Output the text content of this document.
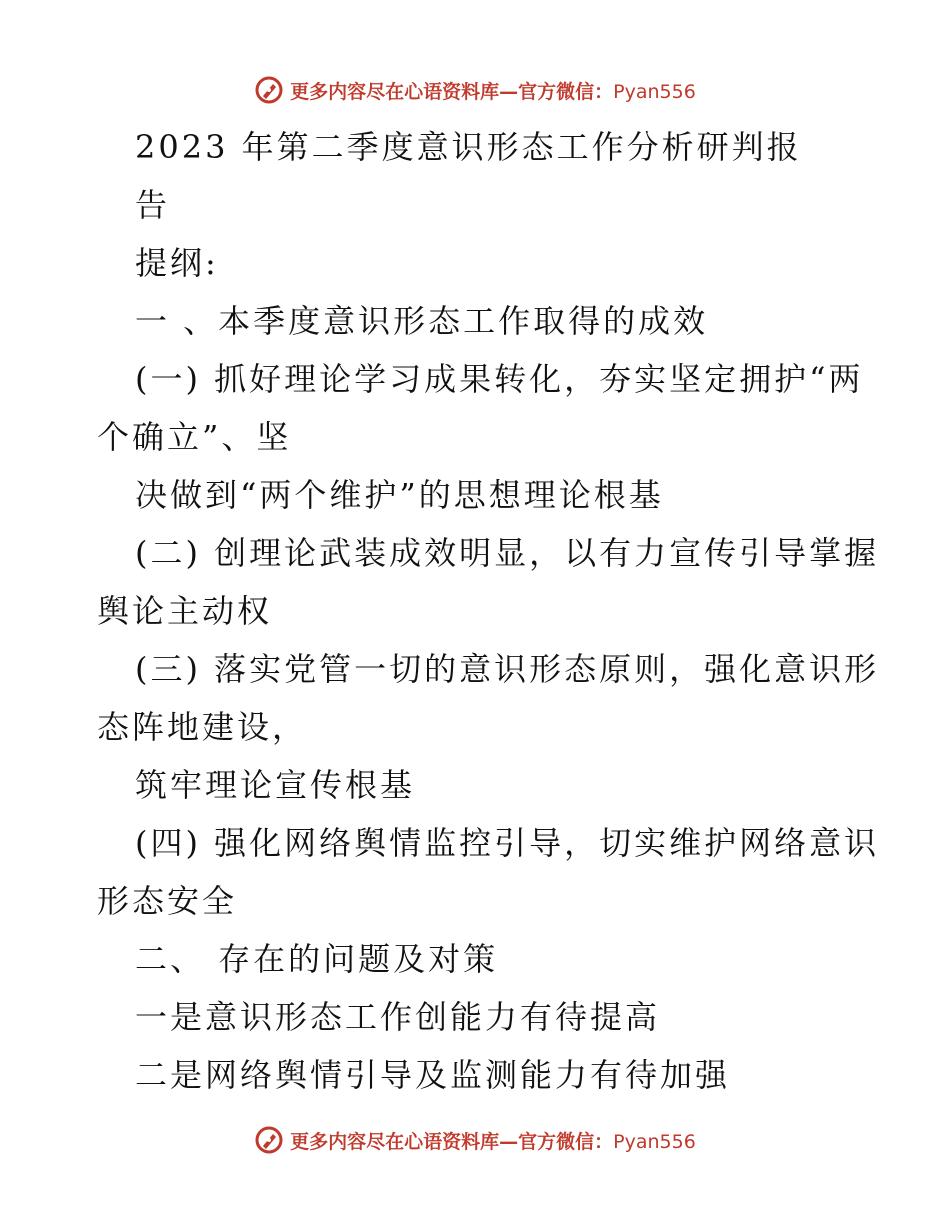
更多内容尽在心语资料库—官方微信：Pyan556
2023 年第二季度意识形态工作分析研判报
告
提纲:
一 、本季度意识形态工作取得的成效
(一) 抓好理论学习成果转化，夯实坚定拥护“两
个确立”、坚
决做到“两个维护”的思想理论根基
(二) 创理论武装成效明显，以有力宣传引导掌握
舆论主动权
(三) 落实党管一切的意识形态原则，强化意识形
态阵地建设，
筑牢理论宣传根基
(四) 强化网络舆情监控引导，切实维护网络意识
形态安全
二、 存在的问题及对策
一是意识形态工作创能力有待提高
二是网络舆情引导及监测能力有待加强
更多内容尽在心语资料库—官方微信：Pyan556
